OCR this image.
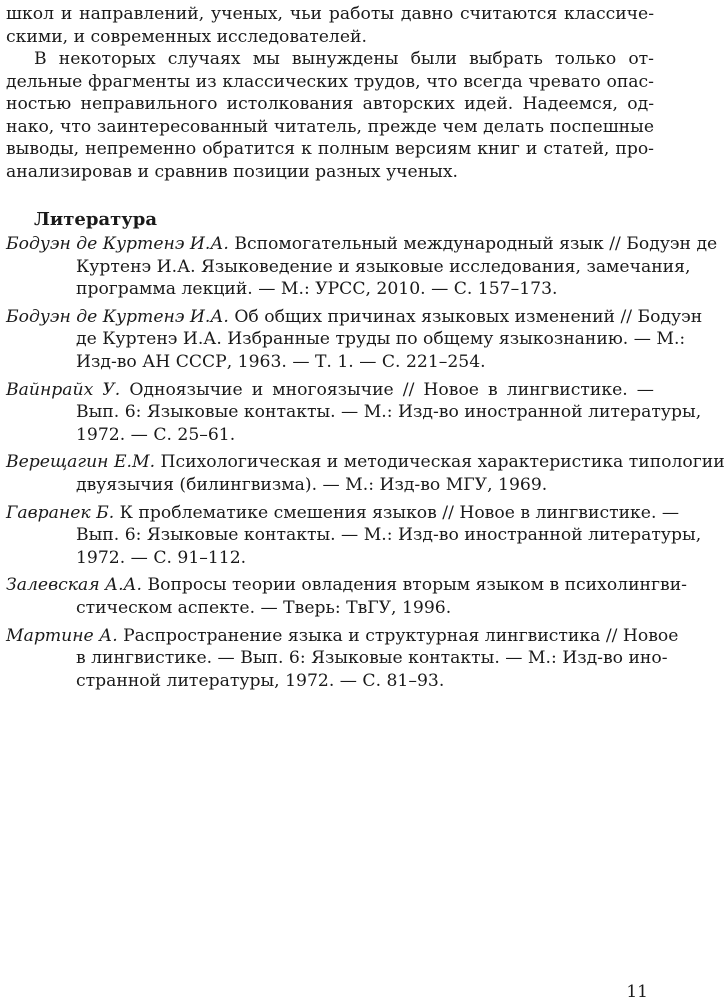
школ и направлений, ученых, чьи работы давно считаются классиче-
скими, и современных исследователей.
В некоторых случаях мы вынуждены были выбрать только от-
дельные фрагменты из классических трудов, что всегда чревато опас-
ностью неправильного истолкования авторских идей. Надеемся, од-
нако, что заинтересованный читатель, прежде чем делать поспешные
выводы, непременно обратится к полным версиям книг и статей, про-
анализировав и сравнив позиции разных ученых.
Литература
Бодуэн де Куртенэ И.А. Вспомогательный международный язык // Бодуэн де
Куртенэ И.А. Языковедение и языковые исследования, замечания,
программа лекций. — М.: УРСС, 2010. — С. 157–173.
Бодуэн де Куртенэ И.А. Об общих причинах языковых изменений // Бодуэн
де Куртенэ И.А. Избранные труды по общему языкознанию. — М.:
Изд-во АН СССР, 1963. — Т. 1. — С. 221–254.
Вайнрайх У. Одноязычие и многоязычие // Новое в лингвистике. —
Вып. 6: Языковые контакты. — М.: Изд-во иностранной литературы,
1972. — С. 25–61.
Верещагин Е.М. Психологическая и методическая характеристика типологии
двуязычия (билингвизма). — М.: Изд-во МГУ, 1969.
Гавранек Б. К проблематике смешения языков // Новое в лингвистике. —
Вып. 6: Языковые контакты. — М.: Изд-во иностранной литературы,
1972. — С. 91–112.
Залевская А.А. Вопросы теории овладения вторым языком в психолингви-
стическом аспекте. — Тверь: ТвГУ, 1996.
Мартине А. Распространение языка и структурная лингвистика // Новое
в лингвистике. — Вып. 6: Языковые контакты. — М.: Изд-во ино-
странной литературы, 1972. — С. 81–93.
11
